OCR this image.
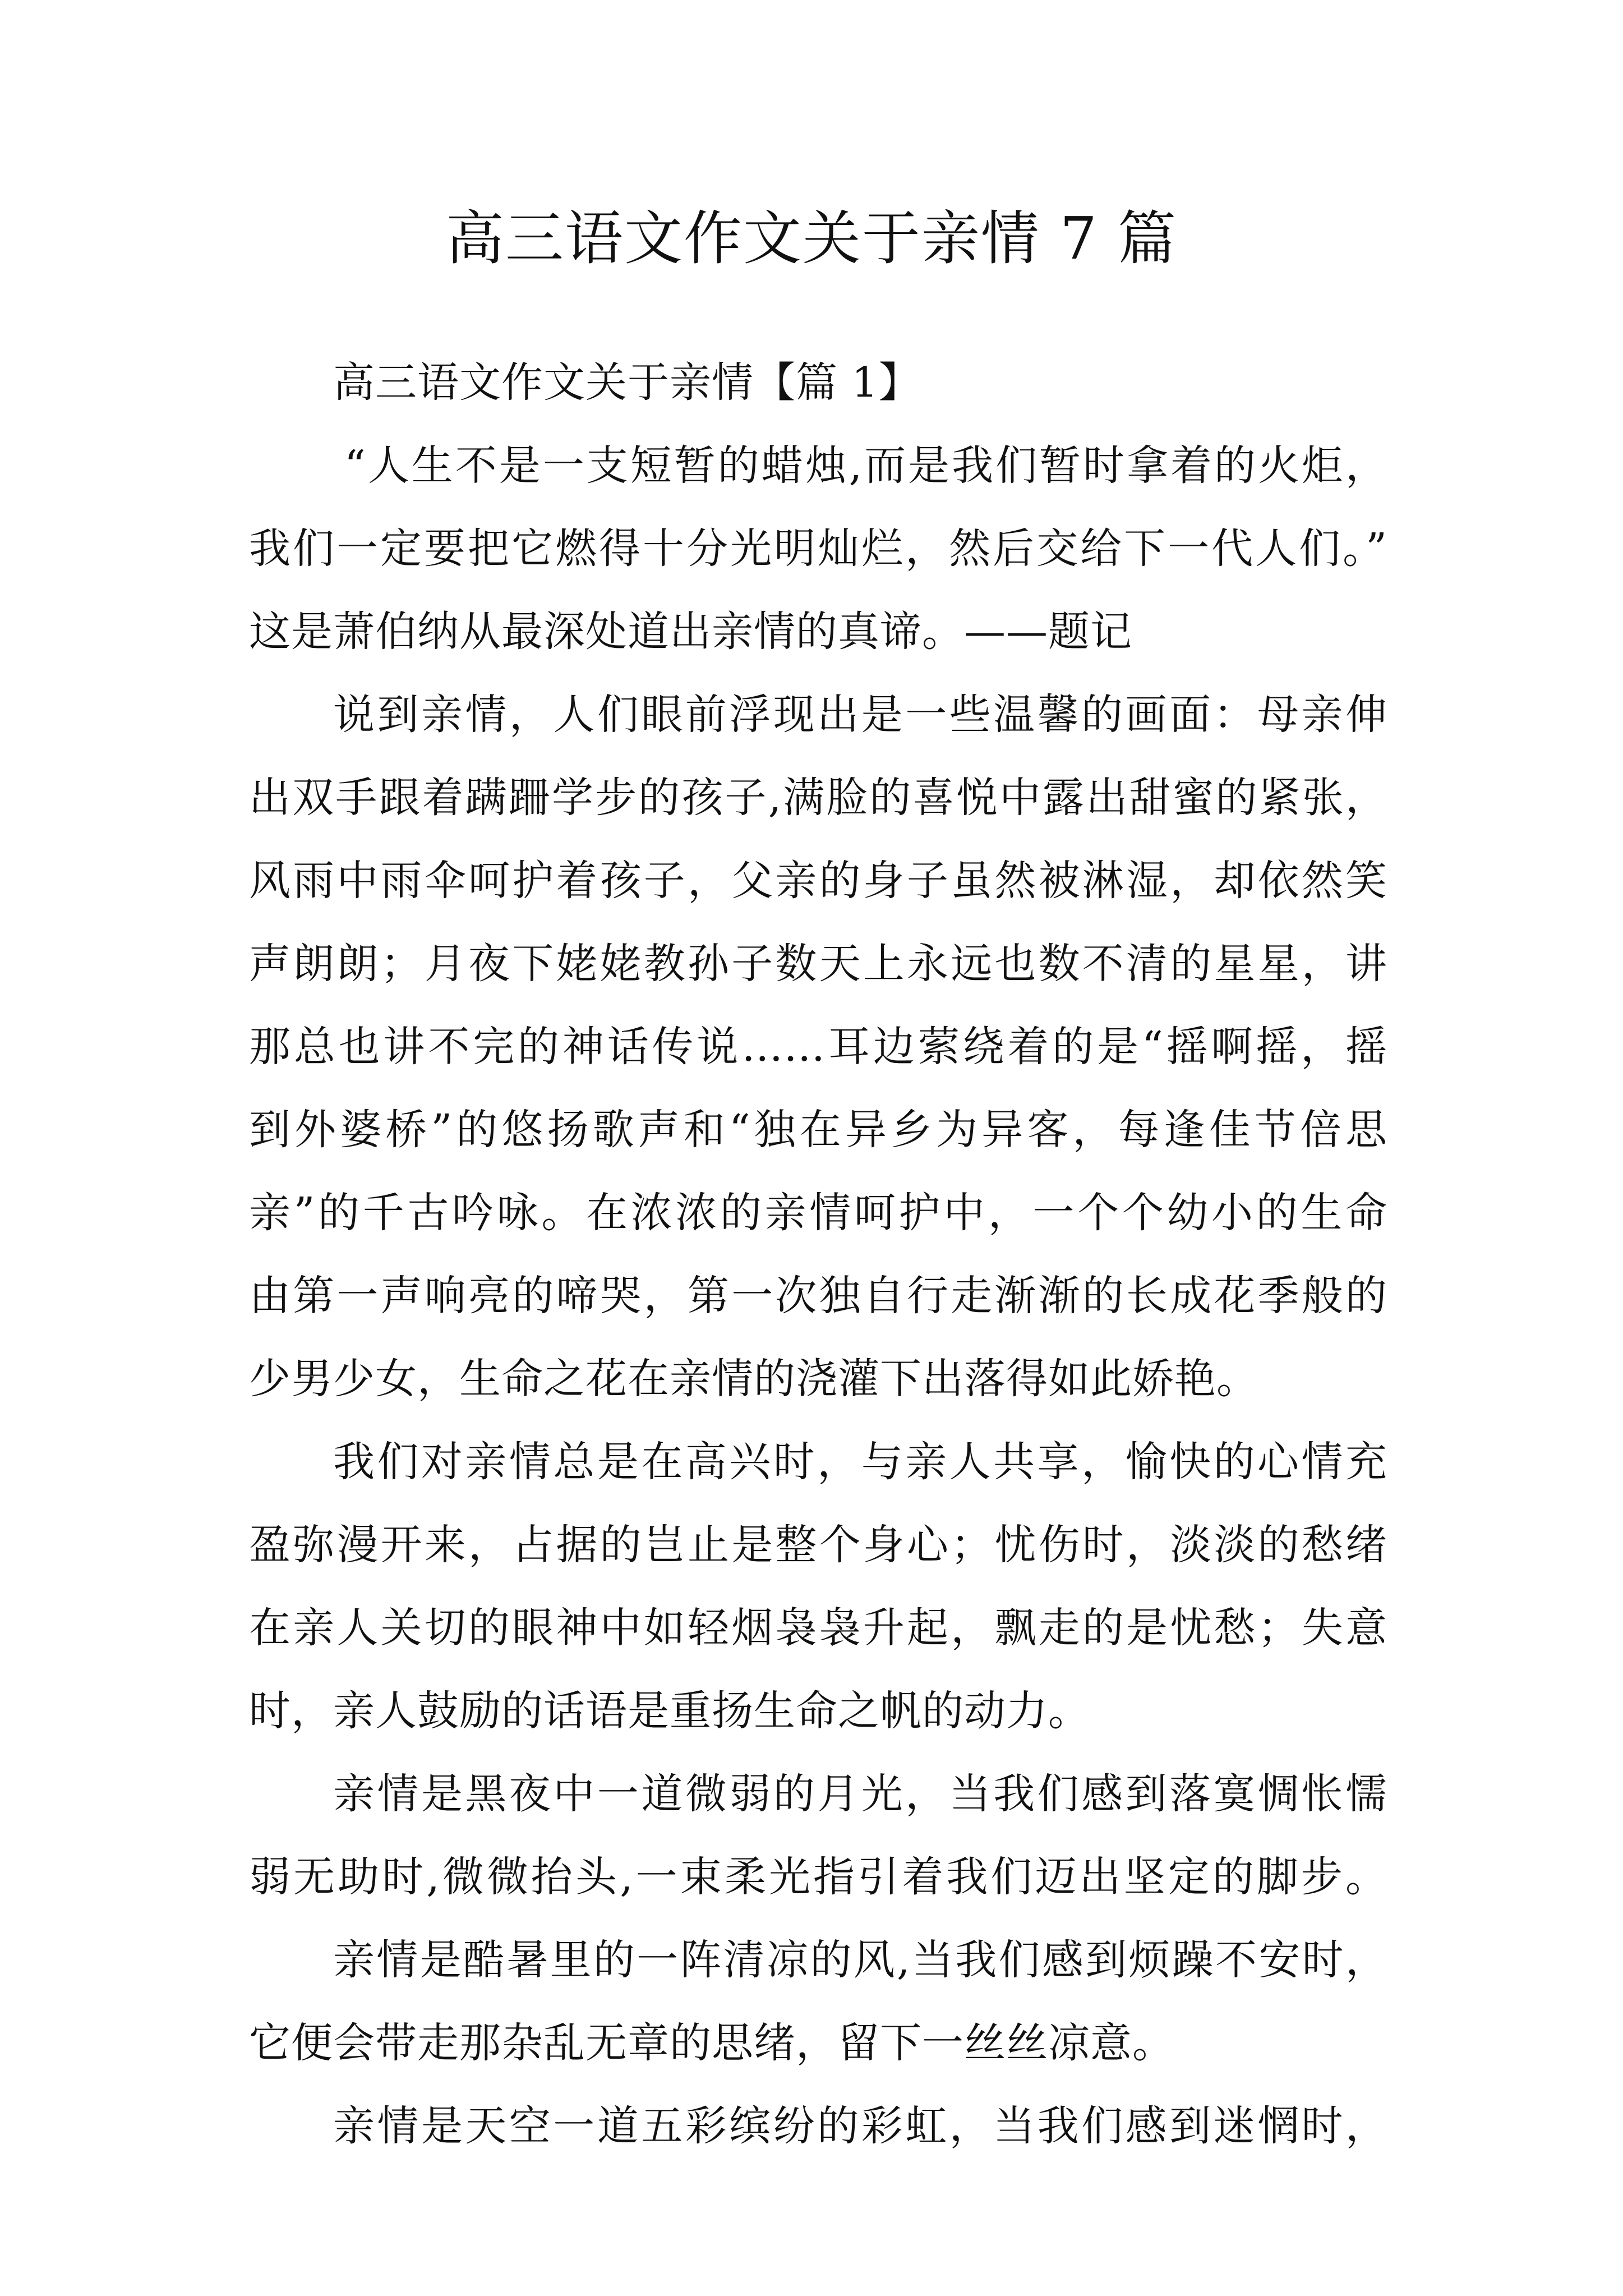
高三语文作文关于亲情 7 篇
高三语文作文关于亲情【篇 1】
“人生不是一支短暂的蜡烛,而是我们暂时拿着的火炬，
我们一定要把它燃得十分光明灿烂，然后交给下一代人们。”
这是萧伯纳从最深处道出亲情的真谛。——题记
说到亲情，人们眼前浮现出是一些温馨的画面：母亲伸
出双手跟着蹒跚学步的孩子,满脸的喜悦中露出甜蜜的紧张，
风雨中雨伞呵护着孩子，父亲的身子虽然被淋湿，却依然笑
声朗朗；月夜下姥姥教孙子数天上永远也数不清的星星，讲
那总也讲不完的神话传说……耳边萦绕着的是“摇啊摇，摇
到外婆桥”的悠扬歌声和“独在异乡为异客，每逢佳节倍思
亲”的千古吟咏。在浓浓的亲情呵护中，一个个幼小的生命
由第一声响亮的啼哭，第一次独自行走渐渐的长成花季般的
少男少女，生命之花在亲情的浇灌下出落得如此娇艳。
我们对亲情总是在高兴时，与亲人共享，愉快的心情充
盈弥漫开来，占据的岂止是整个身心；忧伤时，淡淡的愁绪
在亲人关切的眼神中如轻烟袅袅升起，飘走的是忧愁；失意
时，亲人鼓励的话语是重扬生命之帆的动力。
亲情是黑夜中一道微弱的月光，当我们感到落寞惆怅懦
弱无助时,微微抬头,一束柔光指引着我们迈出坚定的脚步。
亲情是酷暑里的一阵清凉的风,当我们感到烦躁不安时，
它便会带走那杂乱无章的思绪，留下一丝丝凉意。
亲情是天空一道五彩缤纷的彩虹，当我们感到迷惘时，
